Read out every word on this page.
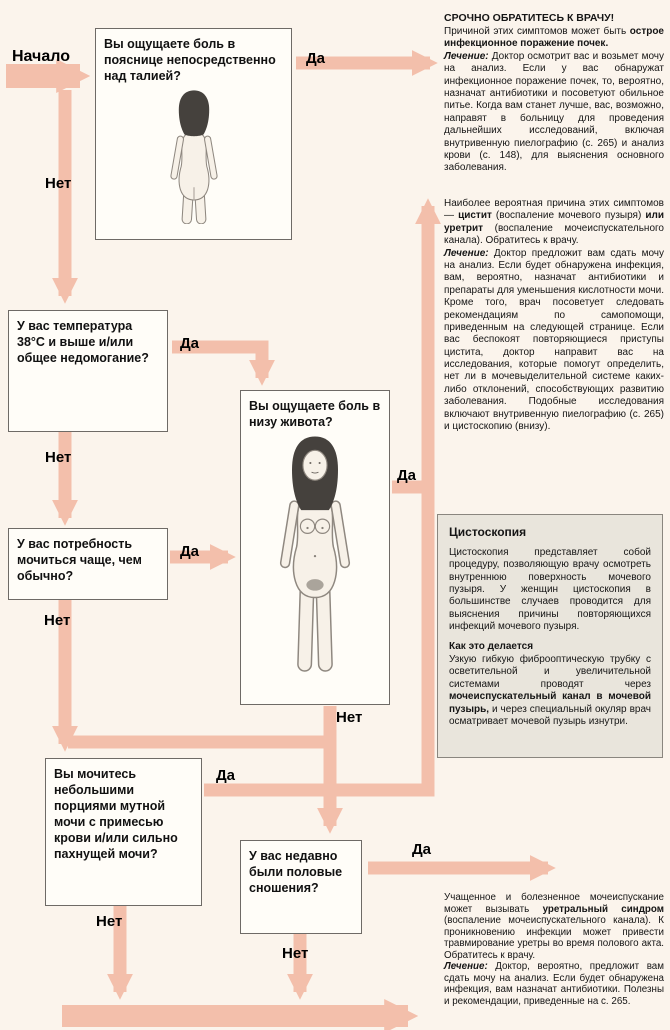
Начало

Вы ощущаете боль в пояснице непосредственно над талией?

У вас температура 38°C и выше и/или общее недомогание?

Вы ощущаете боль в низу живота?

У вас потребность мочиться чаще, чем обычно?

Вы мочитесь небольшими порциями мутной мочи с примесью крови и/или сильно пахнущей мочи?	У вас недавно были половые сношения?

Да
Нет
Да
Нет
Да
Нет
Да
Нет
Да
Нет
Да
Нет

СРОЧНО ОБРАТИТЕСЬ К ВРАЧУ!

Причиной этих симптомов может быть острое инфекционное поражение почек.

Лечение: Доктор осмотрит вас и возьмет мочу на анализ. Если у вас обнаружат инфекционное поражение почек, то, вероятно, назначат антибиотики и посоветуют обильное питье. Когда вам станет лучше, вас, возможно, направят в больницу для проведения дальнейших исследований, включая внутривенную пиелографию (с. 265) и анализ крови (с. 148), для выяснения основного заболевания.

Наиболее вероятная причина этих симптомов — цистит (воспаление мочевого пузыря) или уретрит (воспаление мочеиспускательного канала). Обратитесь к врачу.

Лечение: Доктор предложит вам сдать мочу на анализ. Если будет обнаружена инфекция, вам, вероятно, назначат антибиотики и препараты для уменьшения кислотности мочи. Кроме того, врач посоветует следовать рекомендациям по самопомощи, приведенным на следующей странице. Если вас беспокоят повторяющиеся приступы цистита, доктор направит вас на исследования, которые помогут определить, нет ли в мочевыделительной системе каких-либо отклонений, способствующих развитию заболевания. Подобные исследования включают внутривенную пиелографию (с. 265) и цистоскопию (внизу).

Цистоскопия

Цистоскопия представляет собой процедуру, позволяющую врачу осмотреть внутреннюю поверхность мочевого пузыря. У женщин цистоскопия в большинстве случаев проводится для выяснения причины повторяющихся инфекций мочевого пузыря.

Как это делается

Узкую гибкую фиброоптическую трубку с осветительной и увеличительной системами проводят через мочеиспускательный канал в мочевой пузырь, и через специальный окуляр врач осматривает мочевой пузырь изнутри.

Учащенное и болезненное мочеиспускание может вызывать уретральный синдром (воспаление мочеиспускательного канала). К проникновению инфекции может привести травмирование уретры во время полового акта. Обратитесь к врачу.

Лечение: Доктор, вероятно, предложит вам сдать мочу на анализ. Если будет обнаружена инфекция, вам назначат антибиотики. Полезны и рекомендации, приведенные на с. 265.
